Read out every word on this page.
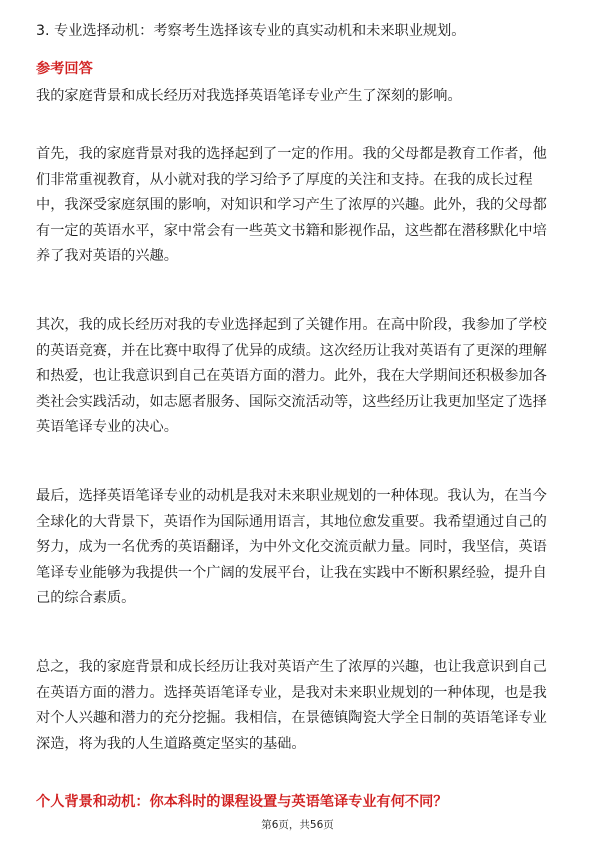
3. 专业选择动机：考察考生选择该专业的真实动机和未来职业规划。
参考回答
我的家庭背景和成长经历对我选择英语笔译专业产生了深刻的影响。
首先，我的家庭背景对我的选择起到了一定的作用。我的父母都是教育工作者，他
们非常重视教育，从小就对我的学习给予了厚度的关注和支持。在我的成长过程
中，我深受家庭氛围的影响，对知识和学习产生了浓厚的兴趣。此外，我的父母都
有一定的英语水平，家中常会有一些英文书籍和影视作品，这些都在潜移默化中培
养了我对英语的兴趣。
其次，我的成长经历对我的专业选择起到了关键作用。在高中阶段，我参加了学校
的英语竞赛，并在比赛中取得了优异的成绩。这次经历让我对英语有了更深的理解
和热爱，也让我意识到自己在英语方面的潜力。此外，我在大学期间还积极参加各
类社会实践活动，如志愿者服务、国际交流活动等，这些经历让我更加坚定了选择
英语笔译专业的决心。
最后，选择英语笔译专业的动机是我对未来职业规划的一种体现。我认为，在当今
全球化的大背景下，英语作为国际通用语言，其地位愈发重要。我希望通过自己的
努力，成为一名优秀的英语翻译，为中外文化交流贡献力量。同时，我坚信，英语
笔译专业能够为我提供一个广阔的发展平台，让我在实践中不断积累经验，提升自
己的综合素质。
总之，我的家庭背景和成长经历让我对英语产生了浓厚的兴趣，也让我意识到自己
在英语方面的潜力。选择英语笔译专业，是我对未来职业规划的一种体现，也是我
对个人兴趣和潜力的充分挖掘。我相信，在景德镇陶瓷大学全日制的英语笔译专业
深造，将为我的人生道路奠定坚实的基础。
个人背景和动机：你本科时的课程设置与英语笔译专业有何不同？
第6页，共56页
